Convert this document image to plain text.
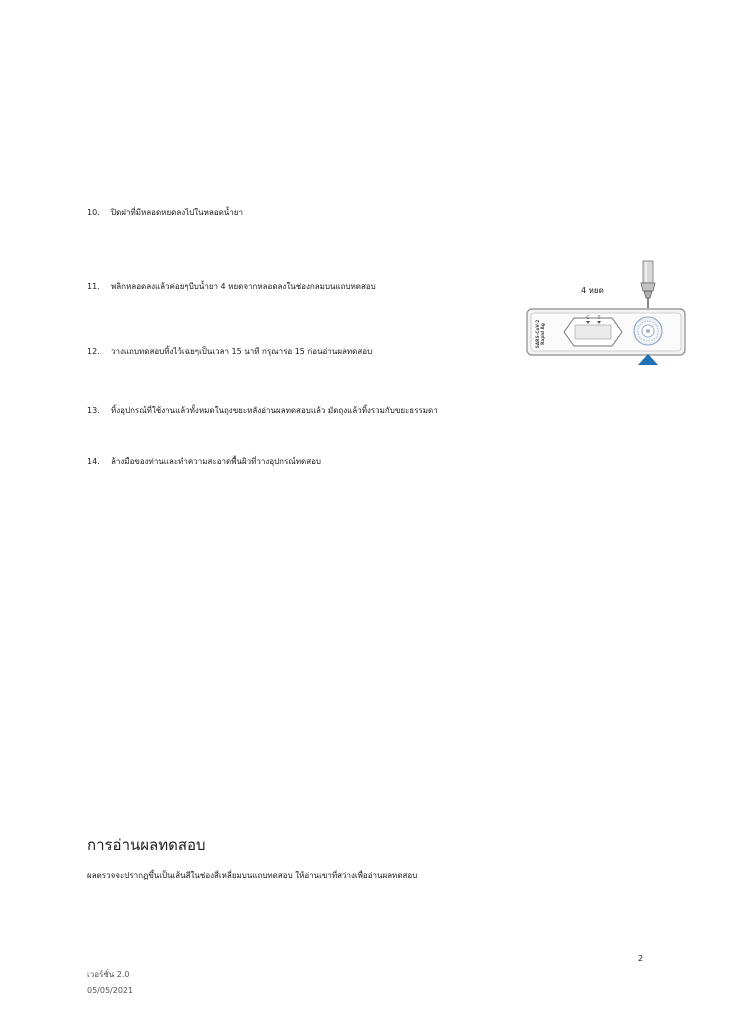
10. ปิดฝาที่มีหลอดหยดลงไปในหลอดน้ำยา
11. พลิกหลอดลงแล้วค่อยๆบีบน้ำยา 4 หยดจากหลอดลงในช่องกลมบนแถบทดสอบ
12. วางแถบทดสอบทิ้งไว้เฉยๆเป็นเวลา 15 นาที กรุณารอ 15 ก่อนอ่านผลทดสอบ
13. ทิ้งอุปกรณ์ที่ใช้งานแล้วทั้งหมดในถุงขยะหลังอ่านผลทดสอบแล้ว มัดถุงแล้วทิ้งรวมกับขยะธรรมดา
14. ล้างมือของท่านและทำความสะอาดพื้นผิวที่วางอุปกรณ์ทดสอบ
SARS-CoV-2 Rapid Ag
C T
4 หยด
การอ่านผลทดสอบ
ผลตรวจจะปรากฏขึ้นเป็นเส้นสีในช่องสี่เหลี่ยมบนแถบทดสอบ ให้อ่านเขาที่สว่างเพื่ออ่านผลทดสอบ
2
เวอร์ชั่น 2.0
05/05/2021
